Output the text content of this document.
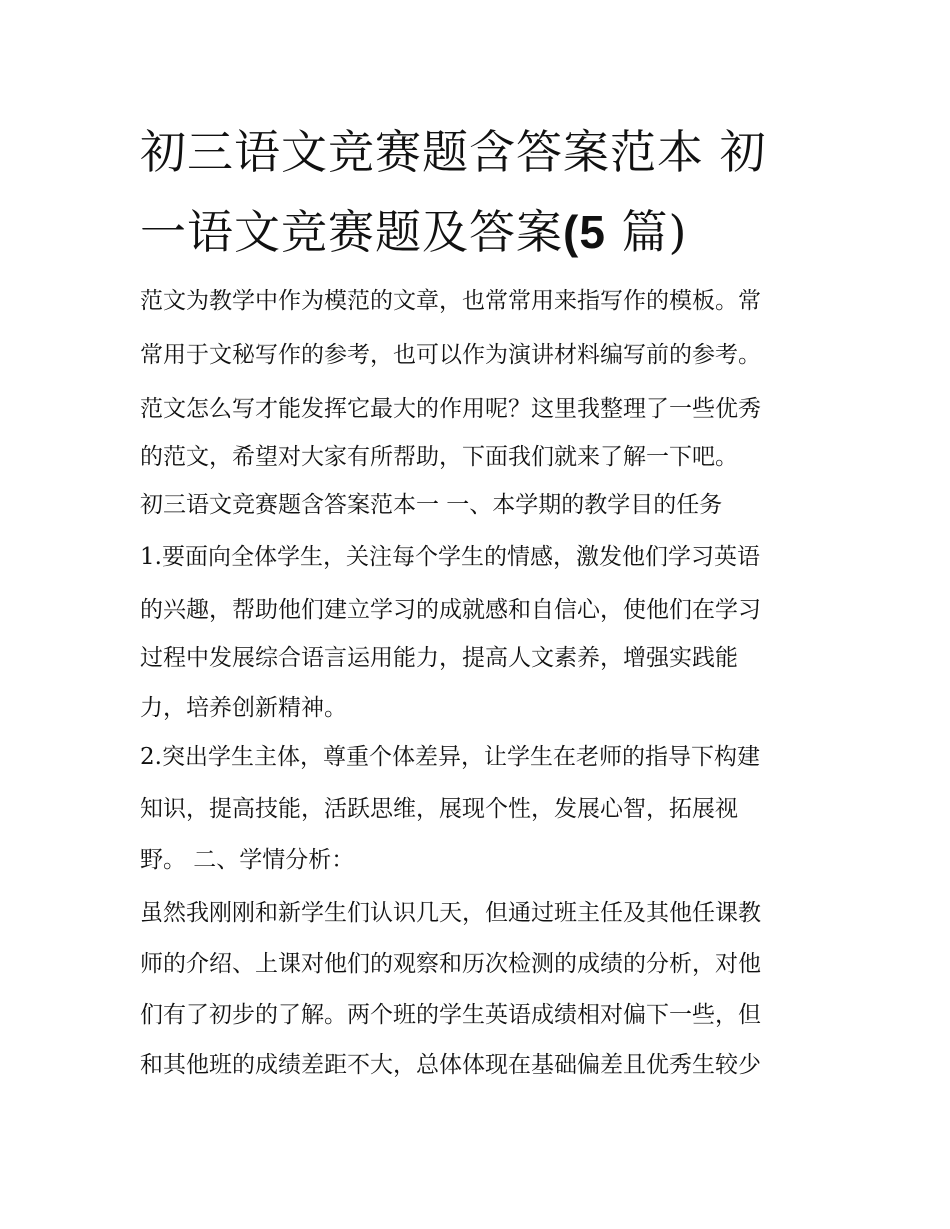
初三语文竞赛题含答案范本 初
一语文竞赛题及答案(5 篇)

范文为教学中作为模范的文章，也常常用来指写作的模板。常

常用于文秘写作的参考，也可以作为演讲材料编写前的参考。

范文怎么写才能发挥它最大的作用呢？这里我整理了一些优秀

的范文，希望对大家有所帮助，下面我们就来了解一下吧。

初三语文竞赛题含答案范本一 一、本学期的教学目的任务

1.要面向全体学生，关注每个学生的情感，激发他们学习英语

的兴趣，帮助他们建立学习的成就感和自信心，使他们在学习

过程中发展综合语言运用能力，提高人文素养，增强实践能

力，培养创新精神。

2.突出学生主体，尊重个体差异，让学生在老师的指导下构建

知识，提高技能，活跃思维，展现个性，发展心智，拓展视

野。 二、学情分析：

虽然我刚刚和新学生们认识几天，但通过班主任及其他任课教

师的介绍、上课对他们的观察和历次检测的成绩的分析，对他

们有了初步的了解。两个班的学生英语成绩相对偏下一些，但

和其他班的成绩差距不大，总体体现在基础偏差且优秀生较少
